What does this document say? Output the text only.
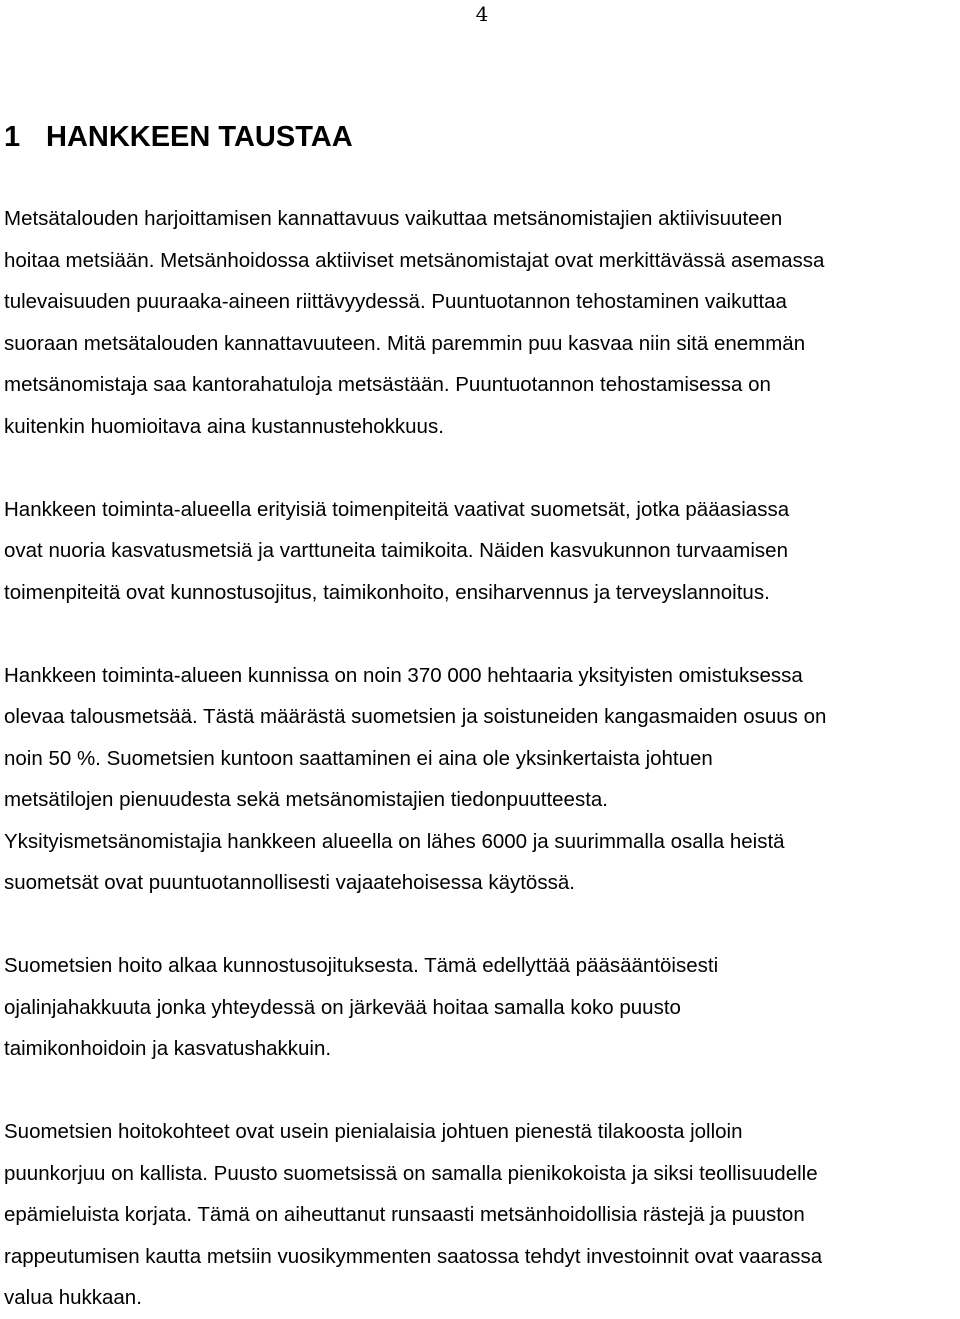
4
1 HANKKEEN TAUSTAA

Metsätalouden harjoittamisen kannattavuus vaikuttaa metsänomistajien aktiivisuuteen
hoitaa metsiään. Metsänhoidossa aktiiviset metsänomistajat ovat merkittävässä asemassa
tulevaisuuden puuraaka-aineen riittävyydessä. Puuntuotannon tehostaminen vaikuttaa
suoraan metsätalouden kannattavuuteen. Mitä paremmin puu kasvaa niin sitä enemmän
metsänomistaja saa kantorahatuloja metsästään. Puuntuotannon tehostamisessa on
kuitenkin huomioitava aina kustannustehokkuus.

Hankkeen toiminta-alueella erityisiä toimenpiteitä vaativat suometsät, jotka pääasiassa
ovat nuoria kasvatusmetsiä ja varttuneita taimikoita. Näiden kasvukunnon turvaamisen
toimenpiteitä ovat kunnostusojitus, taimikonhoito, ensiharvennus ja terveyslannoitus.

Hankkeen toiminta-alueen kunnissa on noin 370 000 hehtaaria yksityisten omistuksessa
olevaa talousmetsää. Tästä määrästä suometsien ja soistuneiden kangasmaiden osuus on
noin 50 %. Suometsien kuntoon saattaminen ei aina ole yksinkertaista johtuen
metsätilojen pienuudesta sekä metsänomistajien tiedonpuutteesta.
Yksityismetsänomistajia hankkeen alueella on lähes 6000 ja suurimmalla osalla heistä
suometsät ovat puuntuotannollisesti vajaatehoisessa käytössä.

Suometsien hoito alkaa kunnostusojituksesta. Tämä edellyttää pääsääntöisesti
ojalinjahakkuuta jonka yhteydessä on järkevää hoitaa samalla koko puusto
taimikonhoidoin ja kasvatushakkuin.

Suometsien hoitokohteet ovat usein pienialaisia johtuen pienestä tilakoosta jolloin
puunkorjuu on kallista. Puusto suometsissä on samalla pienikokoista ja siksi teollisuudelle
epämieluista korjata. Tämä on aiheuttanut runsaasti metsänhoidollisia rästejä ja puuston
rappeutumisen kautta metsiin vuosikymmenten saatossa tehdyt investoinnit ovat vaarassa
valua hukkaan.
